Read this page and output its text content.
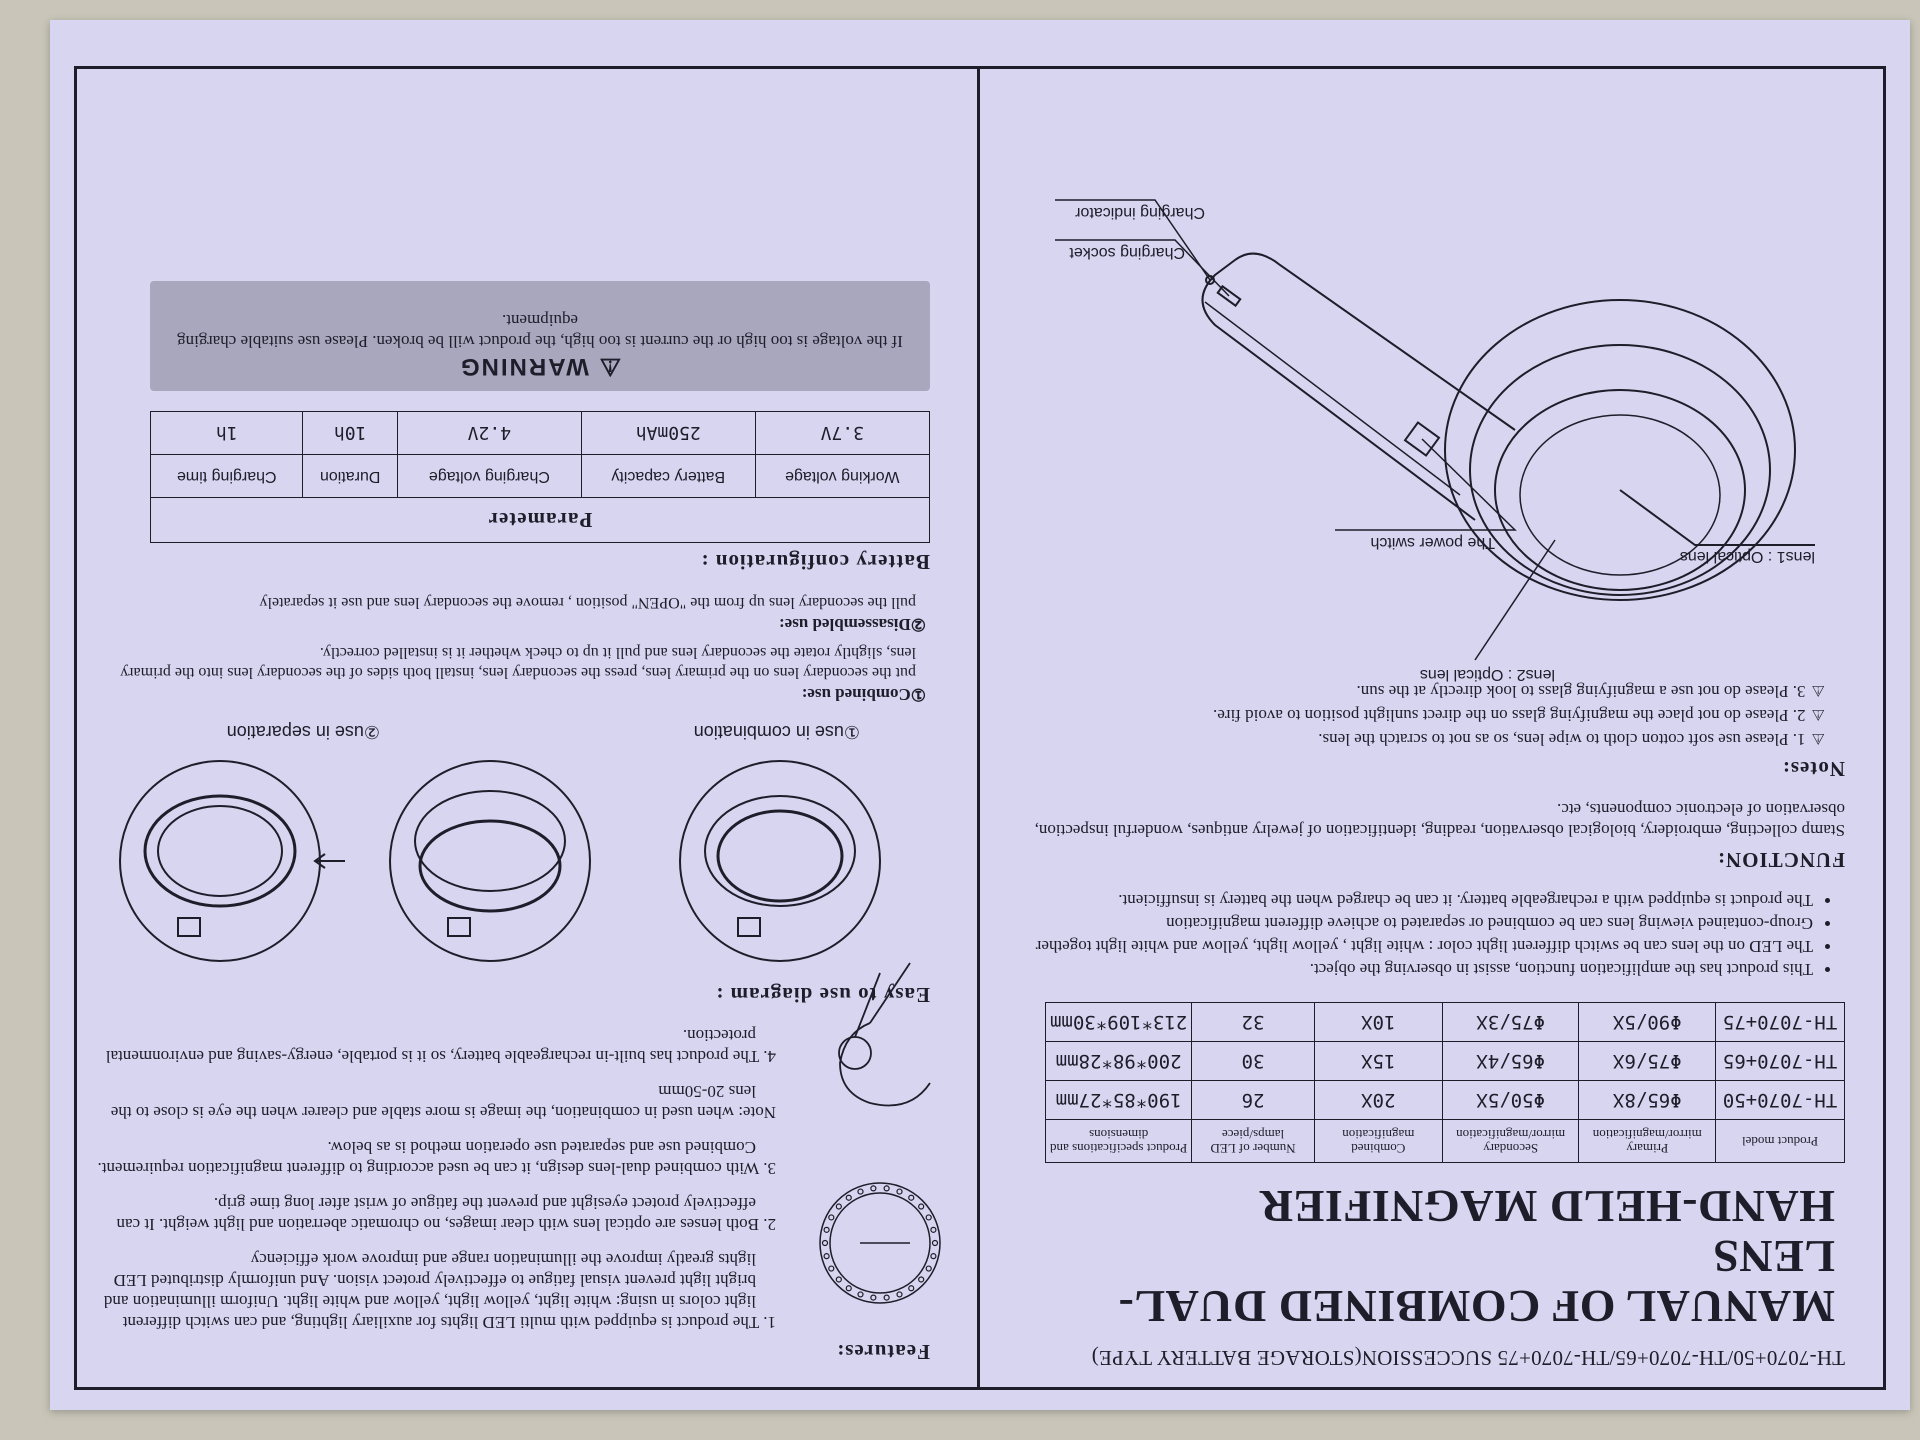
TH-7070+50/TH-7070+65/TH-7070+75 SUCCESSION(STORAGE BATTERY TYPE)
MANUAL OF COMBINED DUAL-LENS
HAND-HELD MAGNIFIER
Product model	Primary mirror/magnification	Secondary mirror/magnification	Combined magnification	Number of LED lamps/piece	Product specifications and dimensions
TH-7070+50	Φ65/8X	Φ50/5X	20X	26	190*85*27mm
TH-7070+65	Φ75/6X	Φ65/4X	15X	30	200*98*28mm
TH-7070+75	Φ90/5X	Φ75/3X	10X	32	213*109*30mm
• This product has the amplification function, assist in observing the object.
• The LED on the lens can be switch different light color : white light , yellow light, yellow and white light together
• Group-contained viewing lens can be combined or separated to achieve different magnification
• The product is equipped with a rechargeable battery. it can be charged when the battery is insufficient.
FUNCTION:
Stamp collecting, embroidery, biological observation, reading, identification of jewelry antiques, wonderful inspection, observation of electronic components, etc.
Notes:
⚠1. Please use soft cotton cloth to wipe lens, so as not to scratch the lens.
⚠2. Please do not place the magnifying glass on the direct sunlight position to avoid fire.
⚠3. Please do not use a magnifying glass to look directly at the sun.
lens1 : Optical lens
The power switch
lens2 : Optical lens
Charging socket
Charging indicator
Features:
1. The product is equipped with multi LED lights for auxiliary lighting, and can switch different light colors in using: white light, yellow light, yellow and white light. Uniform illumination and bright light prevent visual fatigue to effectively protect vision. And uniformly distributed LED lights greatly improve the illumination range and improve work efficiency
2. Both lenses are optical lens with clear images, no chromatic aberration and light weight. It can effectively protect eyesight and prevent the fatigue of wrist after long time grip.
3. With combined dual-lens design, it can be used according to different magnification requirement. Combined use and separated use operation method is as below.
Note: when used in combination, the image is more stable and clearer when the eye is close to the lens 20-50mm
4. The product has built-in rechargeable battery, so it is portable, energy-saving and environmental protection.
Easy to use diagram :
①use in combination
②use in separation
①Combined use:
put the secondary lens on the primary lens, press the secondary lens, install both sides of the secondary lens into the primary lens, slightly rotate the secondary lens and pull it up to check whether it is installed correctly.
②Disassembled use:
pull the secondary lens up from the "OPEN" position , remove the secondary lens and use it separately
Battery configuration :
Parameter				
Working voltage	Battery capacity	Charging voltage	Duration	Charging time
3.7V	250mAh	4.2V	10h	1h
⚠ WARNING
If the voltage is too high or the current is too high, the product will be broken. Please use suitable charging equipment.
